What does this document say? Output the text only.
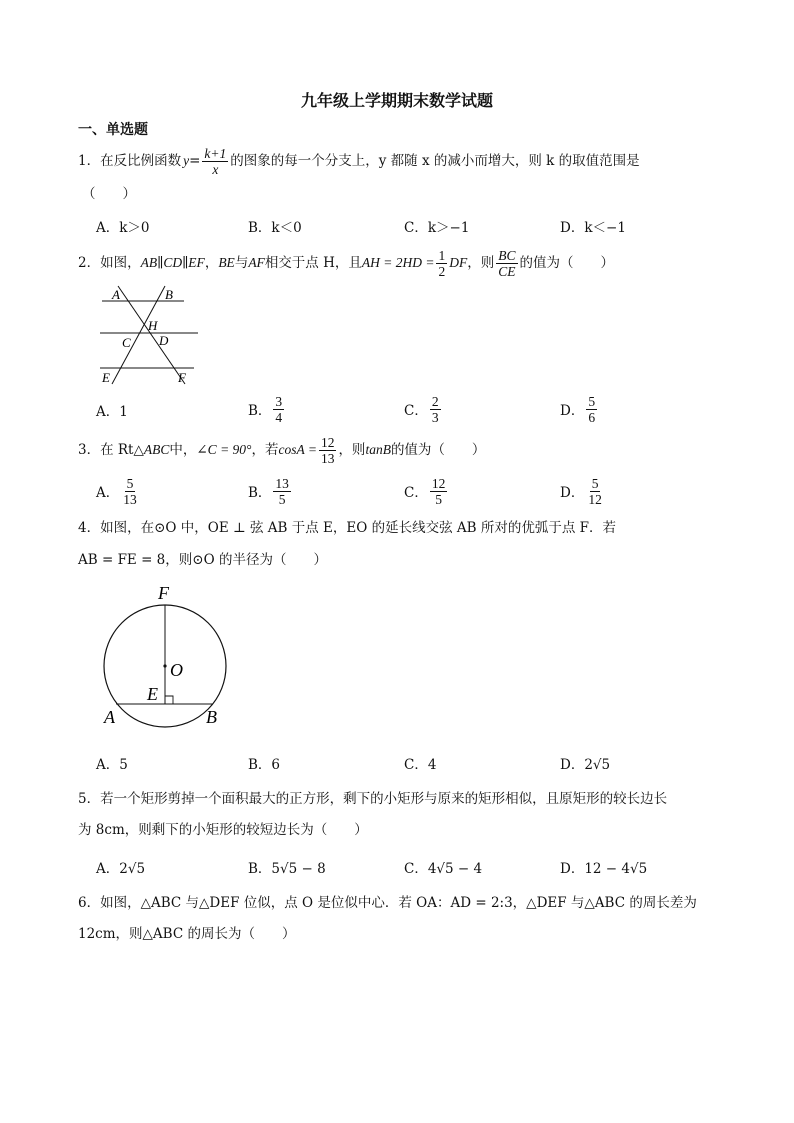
九年级上学期期末数学试题
一、单选题
1． 在反比例函数 $y = \frac{k+1}{x}$ 的图象的每一个分支上，y 都随 x 的减小而增大，则 k 的取值范围是
（　　）
A．k＞0	B．k＜0	C．k＞−1	D．k＜−1
2． 如图， AB∥CD∥EF ， BE 与 AF 相交于点 H，且 AH = $2HD = \frac{1}{2}$ DF ，则 $\frac{BC}{CE}$ 的值为（　　）
A	B
H
C D
E	F
A．1	B． $\frac{3}{4}$	C． $\frac{2}{3}$	D． $\frac{5}{6}$
3． 在 Rt △ABC 中， ∠C = 90° ，若 $\cos A = \frac{12}{13}$ ，则 tanB 的值为（　　）
A． $\frac{5}{13}$	B． $\frac{13}{5}$	C． $\frac{12}{5}$	D． $\frac{5}{12}$
4．如图，在⊙O 中，OE ⊥ 弦 AB 于点 E，EO 的延长线交弦 AB 所对的优弧于点 F．若
AB = FE = 8，则⊙O 的半径为（　　）
F
O
E
A	B
A．5	B．6	C．4	D．2√5
5．若一个矩形剪掉一个面积最大的正方形，剩下的小矩形与原来的矩形相似，且原矩形的较长边长
为 8cm，则剩下的小矩形的较短边长为（　　）
A．2√5	B．5√5 − 8	C．4√5 − 4	D．12 − 4√5
6．如图，△ABC 与△DEF 位似，点 O 是位似中心．若 OA：AD = 2:3，△DEF 与△ABC 的周长差为
12cm，则△ABC 的周长为（　　）
